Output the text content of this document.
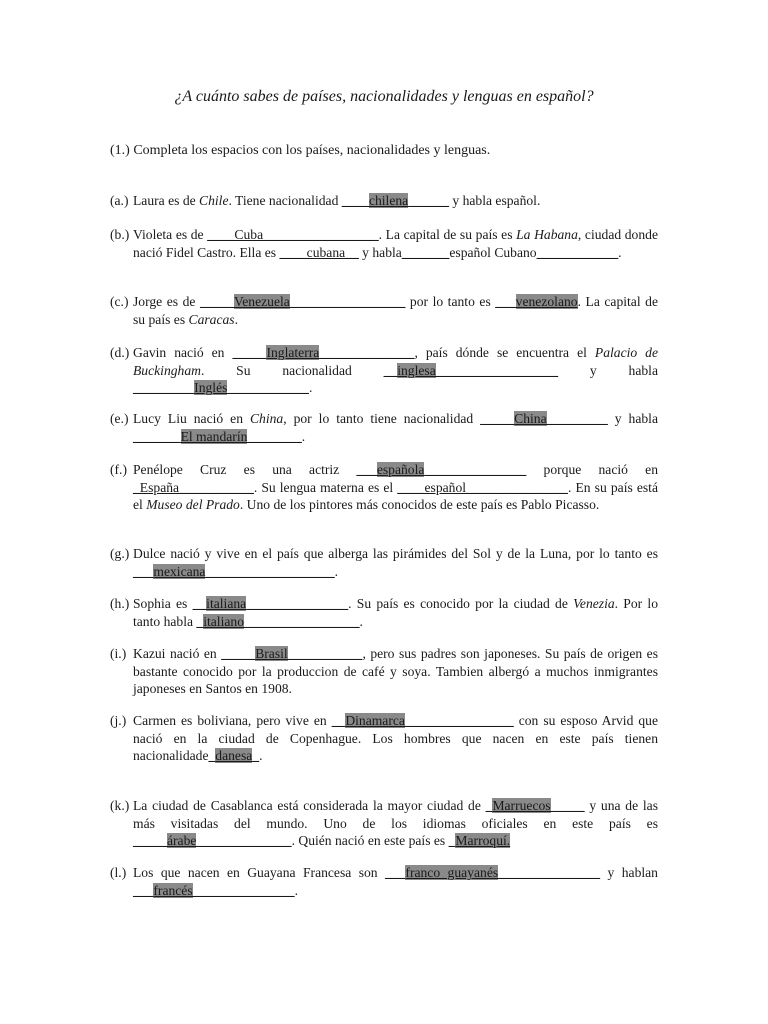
¿A cuánto sabes de países, nacionalidades y lenguas en español?
(1.) Completa los espacios con los países, nacionalidades y lenguas.
(a.) Laura es de Chile. Tiene nacionalidad ____chilena______ y habla español.
(b.) Violeta es de ____Cuba_________________. La capital de su país es La Habana, ciudad donde nació Fidel Castro. Ella es ____cubana__ y habla_______español Cubano____________.
(c.) Jorge es de _____Venezuela_________________ por lo tanto es ___venezolano. La capital de su país es Caracas.
(d.) Gavin nació en _____Inglaterra______________, país dónde se encuentra el Palacio de Buckingham. Su nacionalidad __inglesa__________________ y habla _________Inglés____________.
(e.) Lucy Liu nació en China, por lo tanto tiene nacionalidad _____China_________ y habla _______El mandarín________.
(f.) Penélope Cruz es una actriz ___española_______________ porque nació en _España___________. Su lengua materna es el ____español_______________. En su país está el Museo del Prado. Uno de los pintores más conocidos de este país es Pablo Picasso.
(g.) Dulce nació y vive en el país que alberga las pirámides del Sol y de la Luna, por lo tanto es ___mexicana___________________.
(h.) Sophia es __italiana_______________. Su país es conocido por la ciudad de Venezia. Por lo tanto habla _italiano_________________.
(i.) Kazui nació en _____Brasil___________, pero sus padres son japoneses. Su país de origen es bastante conocido por la produccion de café y soya. Tambien albergó a muchos inmigrantes japoneses en Santos en 1908.
(j.) Carmen es boliviana, pero vive en __Dinamarca________________ con su esposo Arvid que nació en la ciudad de Copenhague. Los hombres que nacen en este país tienen nacionalidade_danesa_.
(k.) La ciudad de Casablanca está considerada la mayor ciudad de _Marruecos_____ y una de las más visitadas del mundo. Uno de los idiomas oficiales en este país es _____árabe______________. Quién nació en este país es _Marroquí.
(l.) Los que nacen en Guayana Francesa son ___franco guayanés_______________ y hablan ___francés_______________.
